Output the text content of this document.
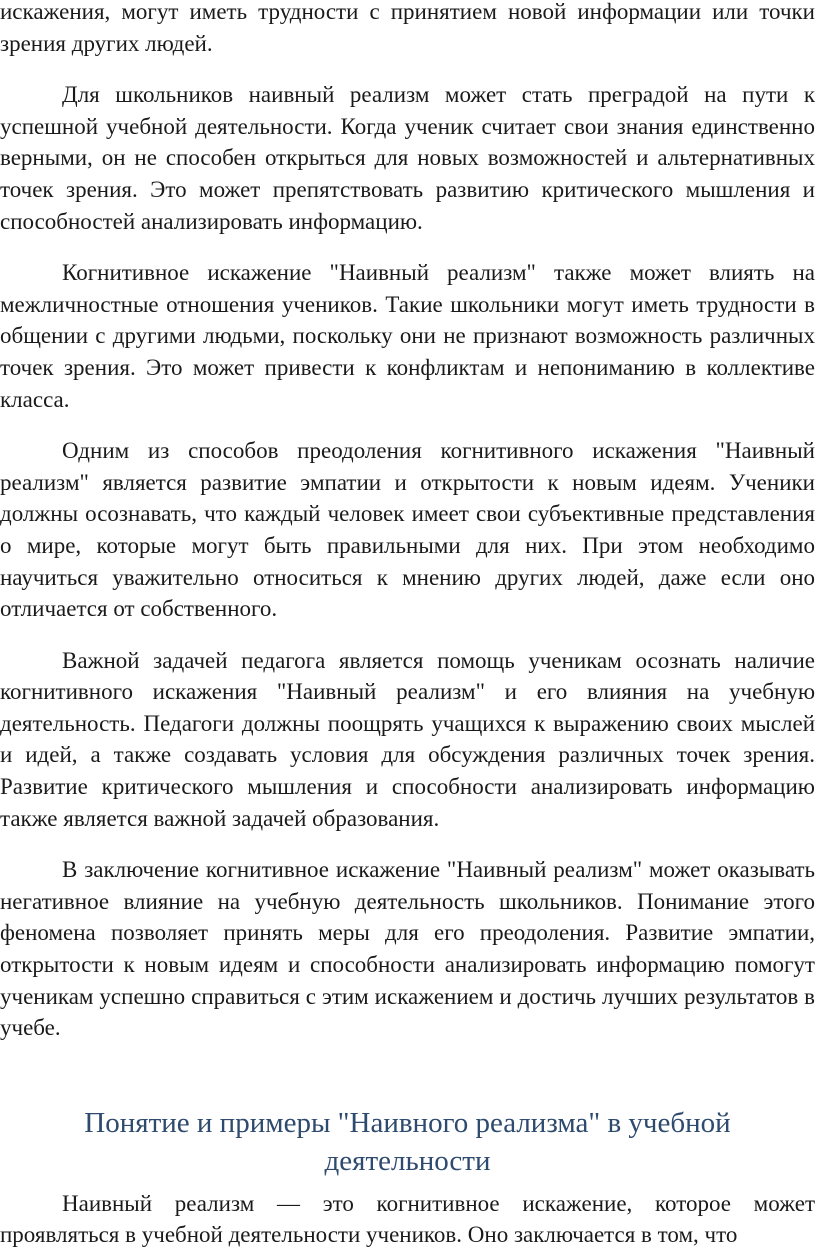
искажения, могут иметь трудности с принятием новой информации или точки зрения других людей.

Для школьников наивный реализм может стать преградой на пути к успешной учебной деятельности. Когда ученик считает свои знания единственно верными, он не способен открыться для новых возможностей и альтернативных точек зрения. Это может препятствовать развитию критического мышления и способностей анализировать информацию.

Когнитивное искажение "Наивный реализм" также может влиять на межличностные отношения учеников. Такие школьники могут иметь трудности в общении с другими людьми, поскольку они не признают возможность различных точек зрения. Это может привести к конфликтам и непониманию в коллективе класса.

Одним из способов преодоления когнитивного искажения "Наивный реализм" является развитие эмпатии и открытости к новым идеям. Ученики должны осознавать, что каждый человек имеет свои субъективные представления о мире, которые могут быть правильными для них. При этом необходимо научиться уважительно относиться к мнению других людей, даже если оно отличается от собственного.

Важной задачей педагога является помощь ученикам осознать наличие когнитивного искажения "Наивный реализм" и его влияния на учебную деятельность. Педагоги должны поощрять учащихся к выражению своих мыслей и идей, а также создавать условия для обсуждения различных точек зрения. Развитие критического мышления и способности анализировать информацию также является важной задачей образования.

В заключение когнитивное искажение "Наивный реализм" может оказывать негативное влияние на учебную деятельность школьников. Понимание этого феномена позволяет принять меры для его преодоления. Развитие эмпатии, открытости к новым идеям и способности анализировать информацию помогут ученикам успешно справиться с этим искажением и достичь лучших результатов в учебе.

Понятие и примеры "Наивного реализма" в учебной деятельности

Наивный реализм — это когнитивное искажение, которое может проявляться в учебной деятельности учеников. Оно заключается в том, что
